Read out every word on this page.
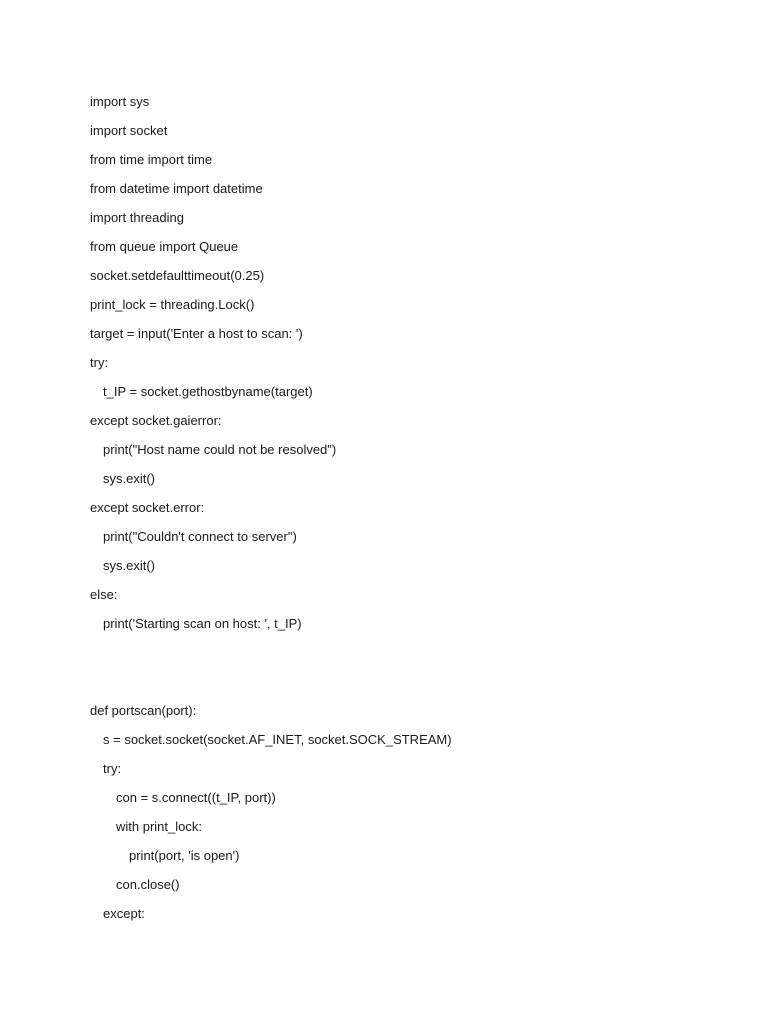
import sys
import socket
from time import time
from datetime import datetime
import threading
from queue import Queue
socket.setdefaulttimeout(0.25)
print_lock = threading.Lock()
target = input('Enter a host to scan: ')
try:
t_IP = socket.gethostbyname(target)
except socket.gaierror:
print("Host name could not be resolved")
sys.exit()
except socket.error:
print("Couldn't connect to server")
sys.exit()
else:
print('Starting scan on host: ', t_IP)
def portscan(port):
s = socket.socket(socket.AF_INET, socket.SOCK_STREAM)
try:
con = s.connect((t_IP, port))
with print_lock:
print(port, 'is open')
con.close()
except:
